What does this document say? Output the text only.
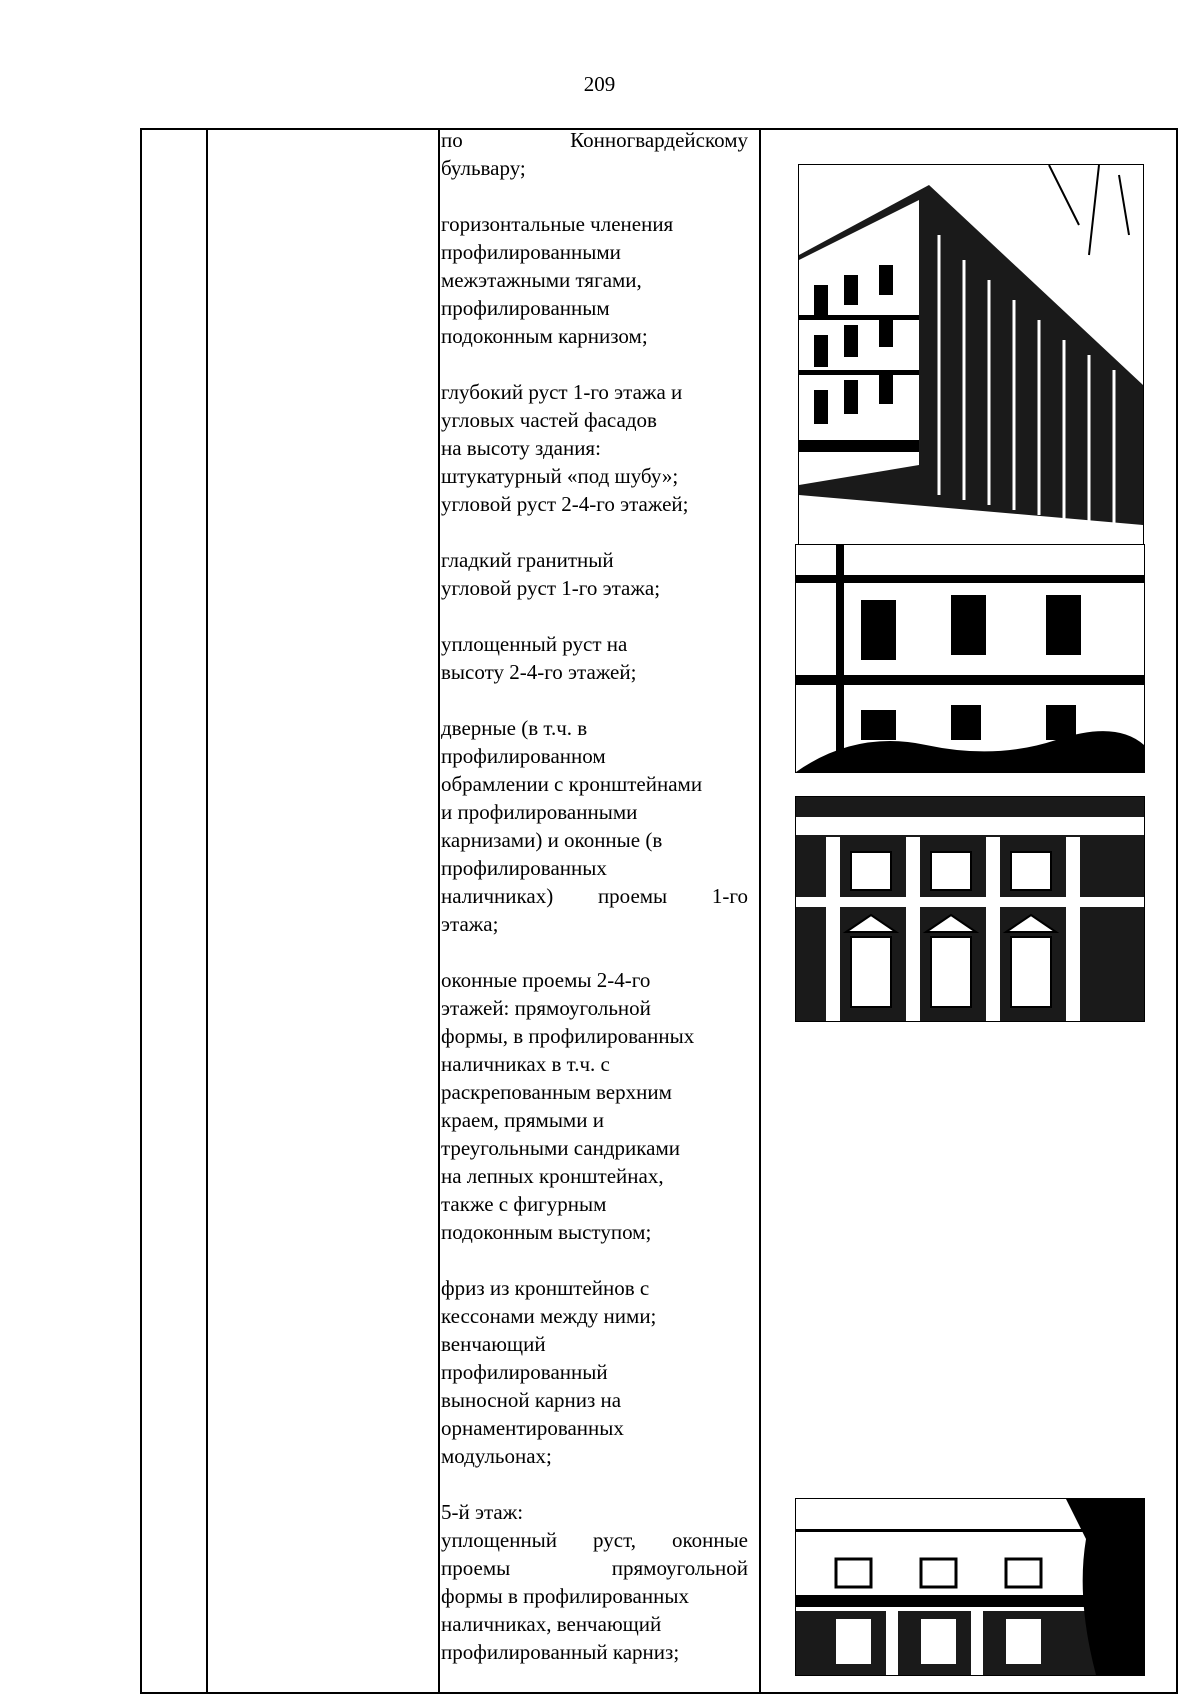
209
по Конногвардейскому
бульвару;
горизонтальные членения
профилированными
межэтажными тягами,
профилированным
подоконным карнизом;
глубокий руст 1-го этажа и
угловых частей фасадов
на высоту здания:
штукатурный «под шубу»;
угловой руст 2-4-го этажей;
гладкий гранитный
угловой руст 1-го этажа;
уплощенный руст на
высоту 2-4-го этажей;
дверные (в т.ч. в
профилированном
обрамлении с кронштейнами
и профилированными
карнизами) и оконные (в
профилированных
наличниках) проемы 1-го
этажа;
оконные проемы 2-4-го
этажей: прямоугольной
формы, в профилированных
наличниках в т.ч. с
раскрепованным верхним
краем, прямыми и
треугольными сандриками
на лепных кронштейнах,
также с фигурным
подоконным выступом;
фриз из кронштейнов с
кессонами между ними;
венчающий
профилированный
выносной карниз на
орнаментированных
модульонах;
5-й этаж:
уплощенный руст, оконные
проемы прямоугольной
формы в профилированных
наличниках, венчающий
профилированный карниз;
